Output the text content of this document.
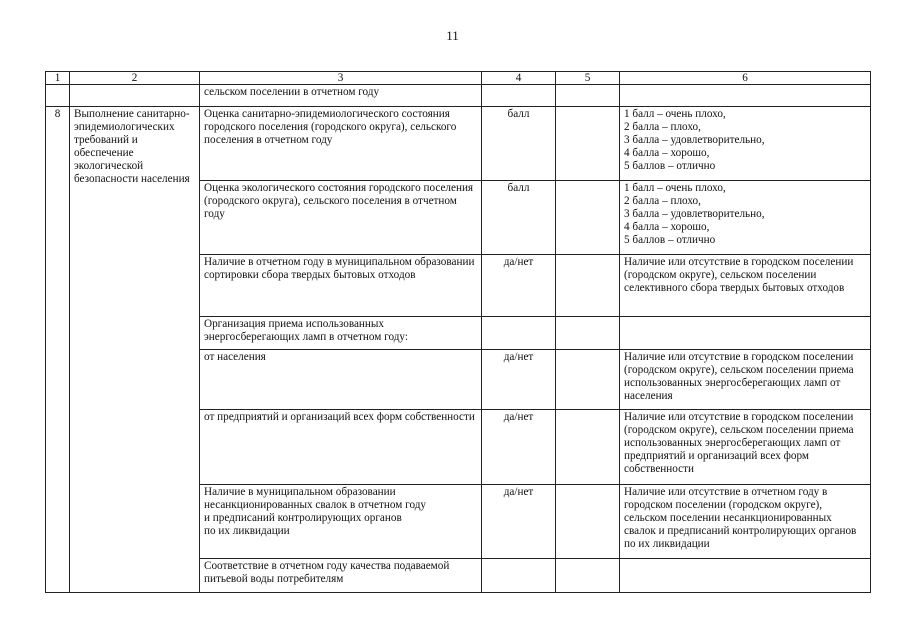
11
1	2	3	4	5	6
		сельском поселении в отчетном году			
8	Выполнение санитарно-эпидемиологических требований и обеспечение экологической безопасности населения	Оценка санитарно-эпидемиологического состояния городского поселения (городского округа), сельского поселения в отчетном году	балл		1 балл – очень плохо,
2 балла – плохо,
3 балла – удовлетворительно,
4 балла – хорошо,
5 баллов – отлично
		Оценка экологического состояния городского поселения (городского округа), сельского поселения в отчетном году	балл		1 балл – очень плохо,
2 балла – плохо,
3 балла – удовлетворительно,
4 балла – хорошо,
5 баллов – отлично
		Наличие в отчетном году в муниципальном образовании сортировки сбора твердых бытовых отходов	да/нет		Наличие или отсутствие в городском поселении (городском округе), сельском поселении селективного сбора твердых бытовых отходов
		Организация приема использованных энергосберегающих ламп в отчетном году:			
		от населения	да/нет		Наличие или отсутствие в городском поселении (городском округе), сельском поселении приема использованных энергосберегающих ламп от населения
		от предприятий и организаций всех форм собственности	да/нет		Наличие или отсутствие в городском поселении (городском округе), сельском поселении приема использованных энергосберегающих ламп от предприятий и организаций всех форм собственности
		Наличие в муниципальном образовании несанкционированных свалок в отчетном году
и предписаний контролирующих органов
по их ликвидации	да/нет		Наличие или отсутствие в отчетном году в городском поселении (городском округе), сельском поселении несанкционированных свалок и предписаний контролирующих органов по их ликвидации
		Соответствие в отчетном году качества подаваемой питьевой воды потребителям			
